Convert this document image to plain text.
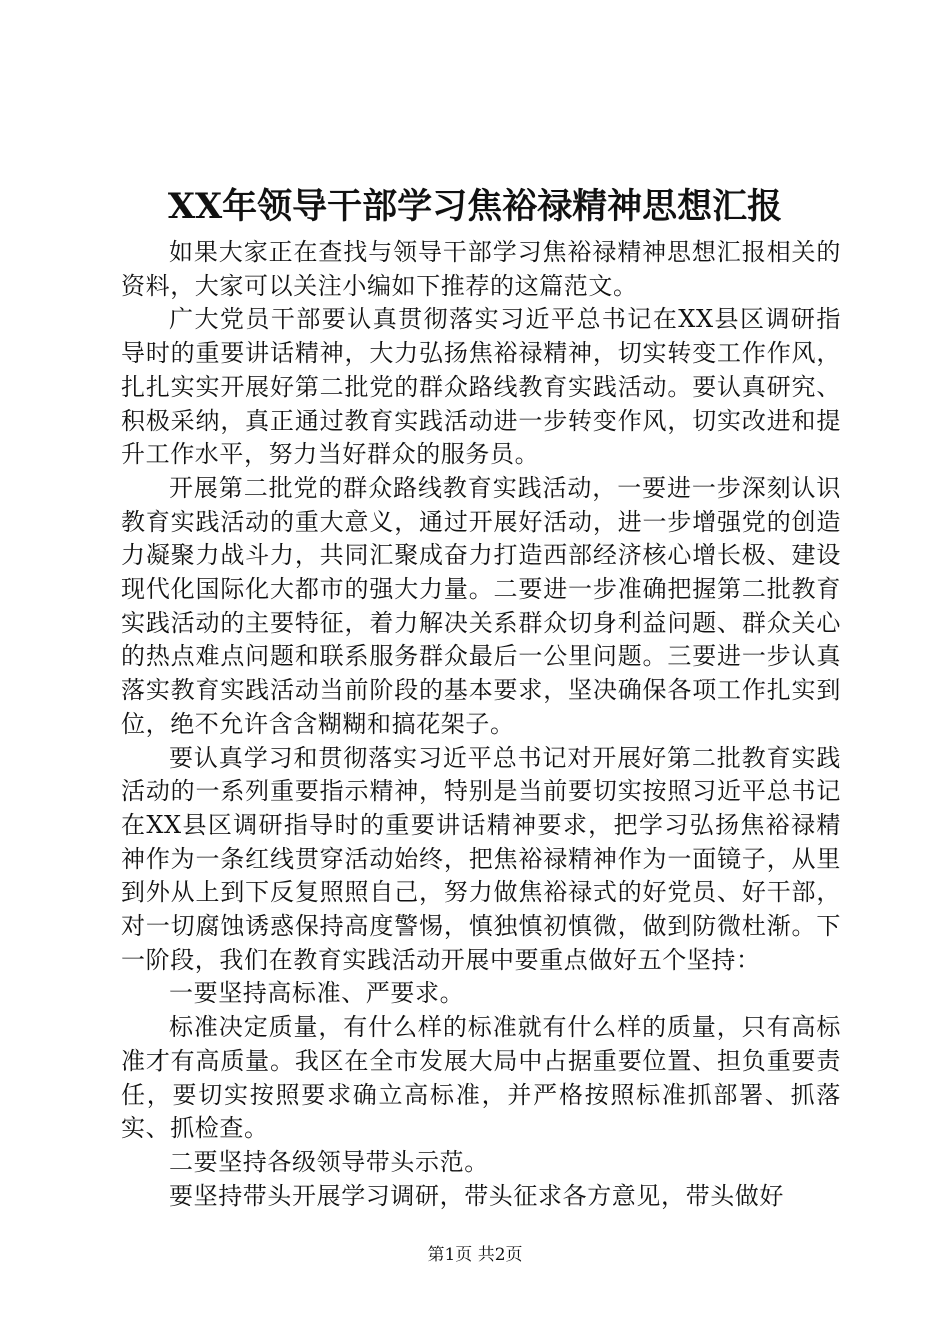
XX年领导干部学习焦裕禄精神思想汇报

如果大家正在查找与领导干部学习焦裕禄精神思想汇报相关的资料，大家可以关注小编如下推荐的这篇范文。

广大党员干部要认真贯彻落实习近平总书记在XX县区调研指导时的重要讲话精神，大力弘扬焦裕禄精神，切实转变工作作风，扎扎实实开展好第二批党的群众路线教育实践活动。要认真研究、积极采纳，真正通过教育实践活动进一步转变作风，切实改进和提升工作水平，努力当好群众的服务员。

开展第二批党的群众路线教育实践活动，一要进一步深刻认识教育实践活动的重大意义，通过开展好活动，进一步增强党的创造力凝聚力战斗力，共同汇聚成奋力打造西部经济核心增长极、建设现代化国际化大都市的强大力量。二要进一步准确把握第二批教育实践活动的主要特征，着力解决关系群众切身利益问题、群众关心的热点难点问题和联系服务群众最后一公里问题。三要进一步认真落实教育实践活动当前阶段的基本要求，坚决确保各项工作扎实到位，绝不允许含含糊糊和搞花架子。

要认真学习和贯彻落实习近平总书记对开展好第二批教育实践活动的一系列重要指示精神，特别是当前要切实按照习近平总书记在XX县区调研指导时的重要讲话精神要求，把学习弘扬焦裕禄精神作为一条红线贯穿活动始终，把焦裕禄精神作为一面镜子，从里到外从上到下反复照照自己，努力做焦裕禄式的好党员、好干部，对一切腐蚀诱惑保持高度警惕，慎独慎初慎微，做到防微杜渐。下一阶段，我们在教育实践活动开展中要重点做好五个坚持：

一要坚持高标准、严要求。

标准决定质量，有什么样的标准就有什么样的质量，只有高标准才有高质量。我区在全市发展大局中占据重要位置、担负重要责任，要切实按照要求确立高标准，并严格按照标准抓部署、抓落实、抓检查。

二要坚持各级领导带头示范。

要坚持带头开展学习调研，带头征求各方意见，带头做好

第1页 共2页
